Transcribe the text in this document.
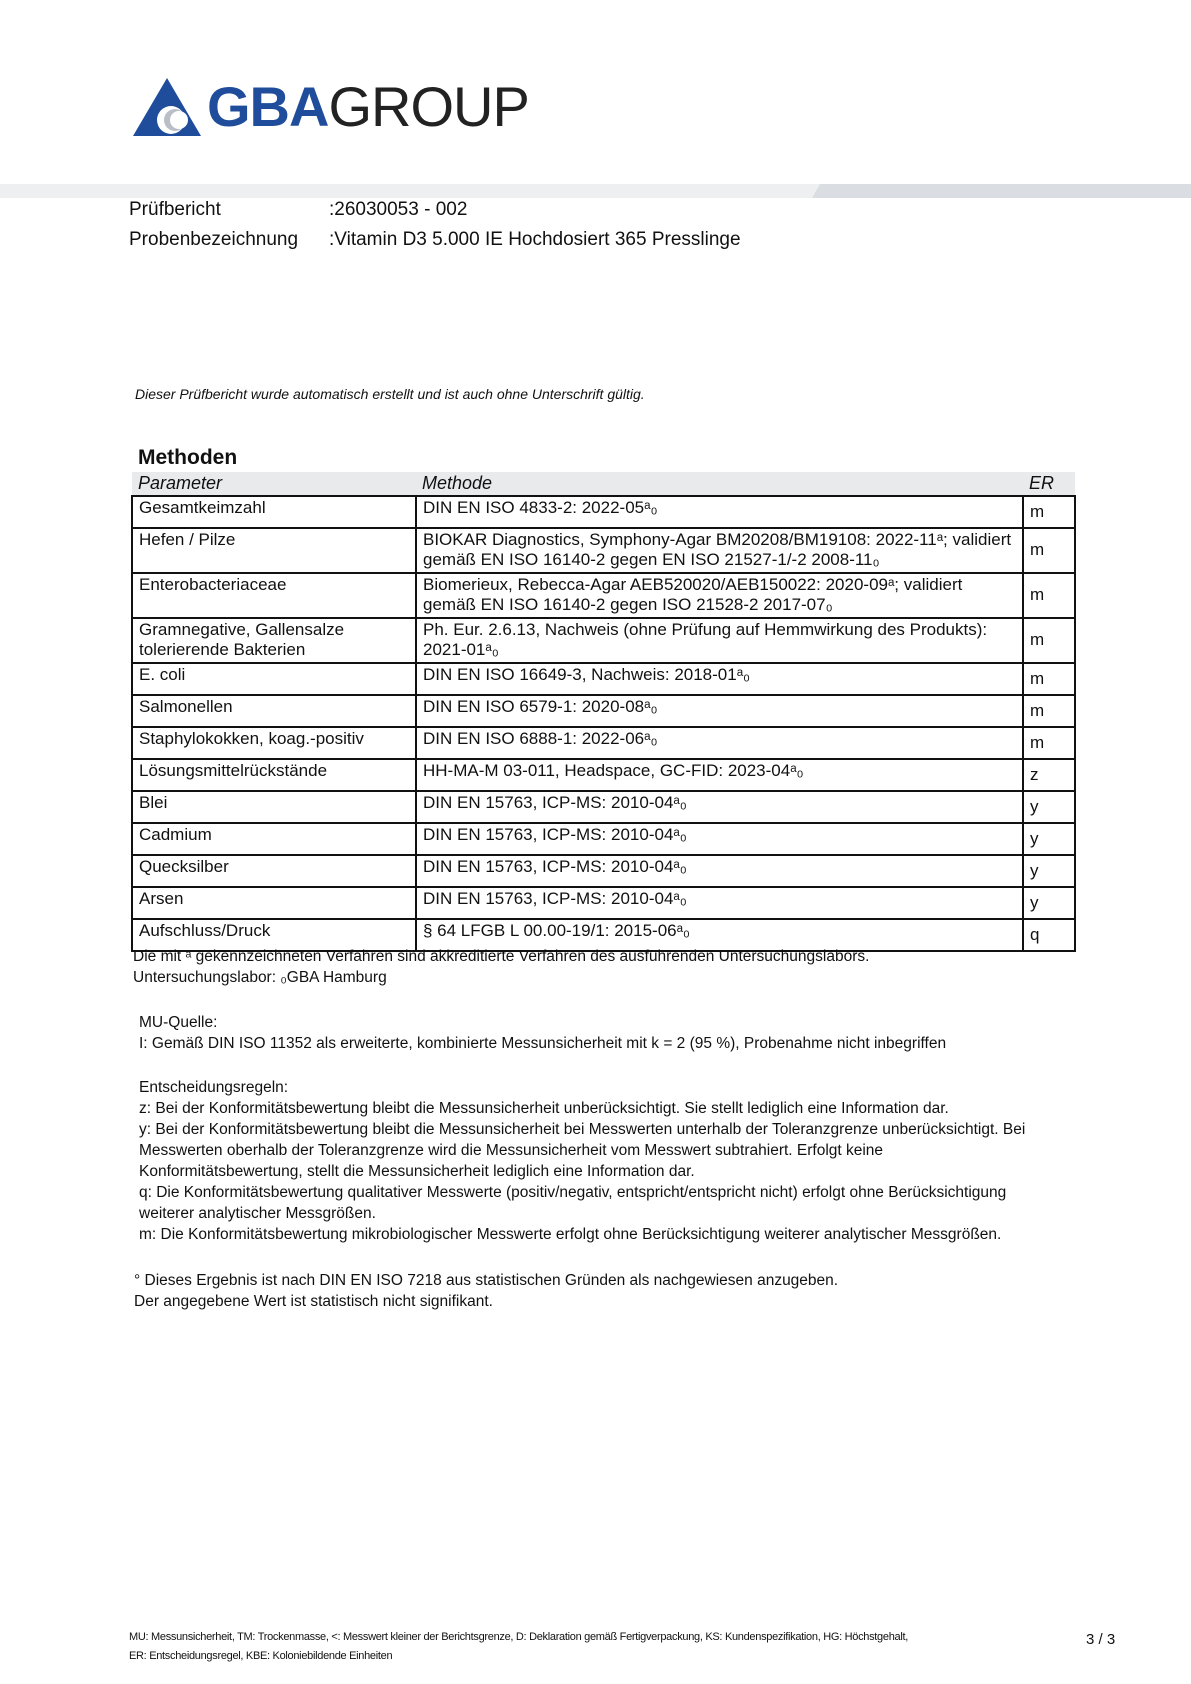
GBAGROUP
Prüfbericht	:26030053 - 002
Probenbezeichnung :Vitamin D3 5.000 IE Hochdosiert 365 Presslinge
Dieser Prüfbericht wurde automatisch erstellt und ist auch ohne Unterschrift gültig.
Methoden
Parameter	Methode	ER
Gesamtkeimzahl	DIN EN ISO 4833-2: 2022-05ᵃ₀	m
Hefen / Pilze	BIOKAR Diagnostics, Symphony-Agar BM20208/BM19108: 2022-11ᵃ; validiert gemäß EN ISO 16140-2 gegen EN ISO 21527-1/-2 2008-11₀	m
Enterobacteriaceae	Biomerieux, Rebecca-Agar AEB520020/AEB150022: 2020-09ᵃ; validiert gemäß EN ISO 16140-2 gegen ISO 21528-2 2017-07₀	m
Gramnegative, Gallensalze tolerierende Bakterien	Ph. Eur. 2.6.13, Nachweis (ohne Prüfung auf Hemmwirkung des Produkts): 2021-01ᵃ₀	m
E. coli	DIN EN ISO 16649-3, Nachweis: 2018-01ᵃ₀	m
Salmonellen	DIN EN ISO 6579-1: 2020-08ᵃ₀	m
Staphylokokken, koag.-positiv	DIN EN ISO 6888-1: 2022-06ᵃ₀	m
Lösungsmittelrückstände	HH-MA-M 03-011, Headspace, GC-FID: 2023-04ᵃ₀	z
Blei	DIN EN 15763, ICP-MS: 2010-04ᵃ₀	y
Cadmium	DIN EN 15763, ICP-MS: 2010-04ᵃ₀	y
Quecksilber	DIN EN 15763, ICP-MS: 2010-04ᵃ₀	y
Arsen	DIN EN 15763, ICP-MS: 2010-04ᵃ₀	y
Aufschluss/Druck	§ 64 LFGB L 00.00-19/1: 2015-06ᵃ₀	q
Die mit ᵃ gekennzeichneten Verfahren sind akkreditierte Verfahren des ausführenden Untersuchungslabors.
Untersuchungslabor: ₀GBA Hamburg
MU-Quelle:
I: Gemäß DIN ISO 11352 als erweiterte, kombinierte Messunsicherheit mit k = 2 (95 %), Probenahme nicht inbegriffen
Entscheidungsregeln:
z: Bei der Konformitätsbewertung bleibt die Messunsicherheit unberücksichtigt. Sie stellt lediglich eine Information dar.
y: Bei der Konformitätsbewertung bleibt die Messunsicherheit bei Messwerten unterhalb der Toleranzgrenze unberücksichtigt. Bei
Messwerten oberhalb der Toleranzgrenze wird die Messunsicherheit vom Messwert subtrahiert. Erfolgt keine
Konformitätsbewertung, stellt die Messunsicherheit lediglich eine Information dar.
q: Die Konformitätsbewertung qualitativer Messwerte (positiv/negativ, entspricht/entspricht nicht) erfolgt ohne Berücksichtigung
weiterer analytischer Messgrößen.
m: Die Konformitätsbewertung mikrobiologischer Messwerte erfolgt ohne Berücksichtigung weiterer analytischer Messgrößen.
° Dieses Ergebnis ist nach DIN EN ISO 7218 aus statistischen Gründen als nachgewiesen anzugeben.
Der angegebene Wert ist statistisch nicht signifikant.
MU: Messunsicherheit, TM: Trockenmasse, <: Messwert kleiner der Berichtsgrenze, D: Deklaration gemäß Fertigverpackung, KS: Kundenspezifikation, HG: Höchstgehalt,
ER: Entscheidungsregel, KBE: Koloniebildende Einheiten
3 / 3
